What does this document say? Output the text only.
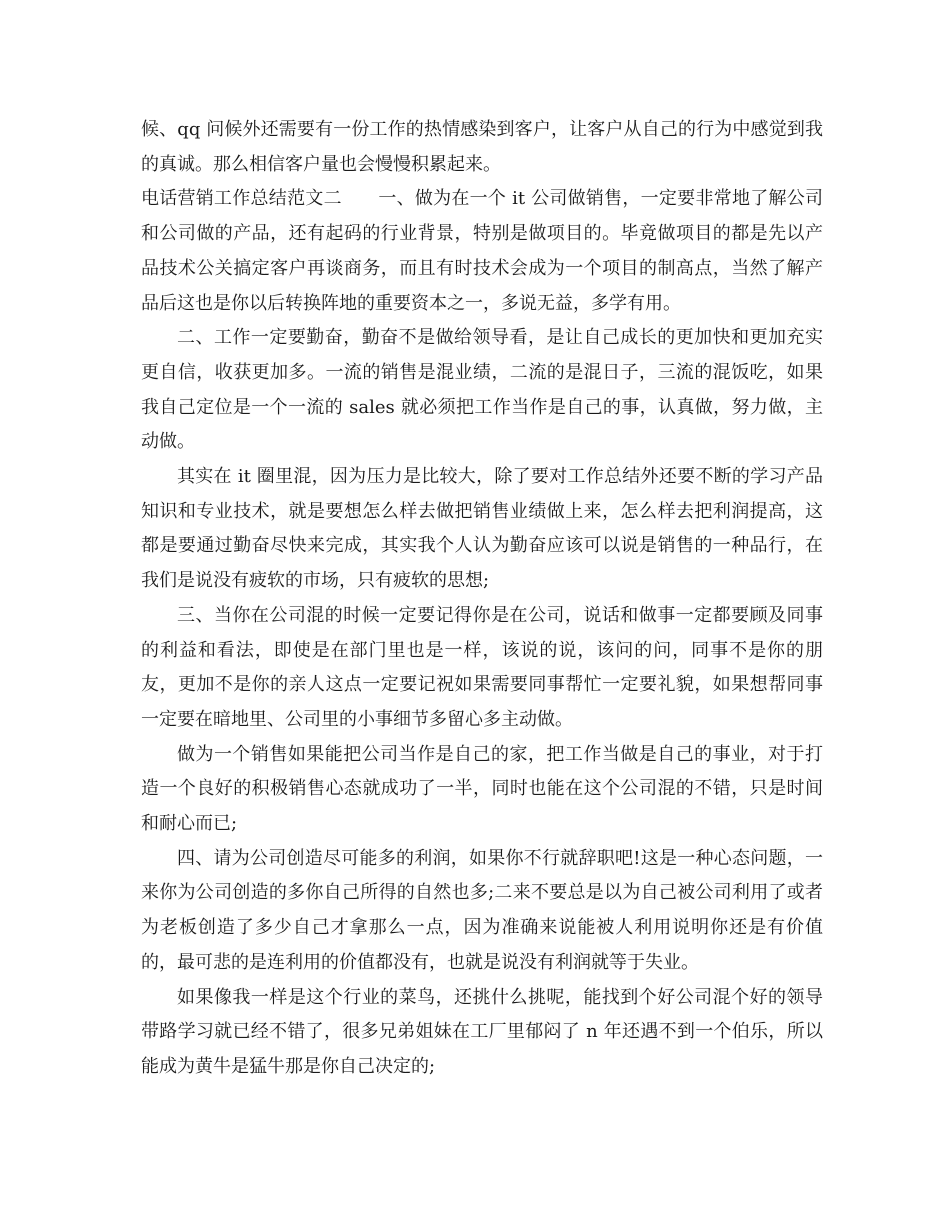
候、qq 问候外还需要有一份工作的热情感染到客户，让客户从自己的行为中感觉到我的真诚。那么相信客户量也会慢慢积累起来。

电话营销工作总结范文二　　一、做为在一个 it 公司做销售，一定要非常地了解公司和公司做的产品，还有起码的行业背景，特别是做项目的。毕竟做项目的都是先以产品技术公关搞定客户再谈商务，而且有时技术会成为一个项目的制高点，当然了解产品后这也是你以后转换阵地的重要资本之一，多说无益，多学有用。

二、工作一定要勤奋，勤奋不是做给领导看，是让自己成长的更加快和更加充实更自信，收获更加多。一流的销售是混业绩，二流的是混日子，三流的混饭吃，如果我自己定位是一个一流的 sales 就必须把工作当作是自己的事，认真做，努力做，主动做。

其实在 it 圈里混，因为压力是比较大，除了要对工作总结外还要不断的学习产品知识和专业技术，就是要想怎么样去做把销售业绩做上来，怎么样去把利润提高，这都是要通过勤奋尽快来完成，其实我个人认为勤奋应该可以说是销售的一种品行，在我们是说没有疲软的市场，只有疲软的思想;

三、当你在公司混的时候一定要记得你是在公司，说话和做事一定都要顾及同事的利益和看法，即使是在部门里也是一样，该说的说，该问的问，同事不是你的朋友，更加不是你的亲人这点一定要记祝如果需要同事帮忙一定要礼貌，如果想帮同事一定要在暗地里、公司里的小事细节多留心多主动做。

做为一个销售如果能把公司当作是自己的家，把工作当做是自己的事业，对于打造一个良好的积极销售心态就成功了一半，同时也能在这个公司混的不错，只是时间和耐心而已;

四、请为公司创造尽可能多的利润，如果你不行就辞职吧!这是一种心态问题，一来你为公司创造的多你自己所得的自然也多;二来不要总是以为自己被公司利用了或者为老板创造了多少自己才拿那么一点，因为准确来说能被人利用说明你还是有价值的，最可悲的是连利用的价值都没有，也就是说没有利润就等于失业。

如果像我一样是这个行业的菜鸟，还挑什么挑呢，能找到个好公司混个好的领导带路学习就已经不错了，很多兄弟姐妹在工厂里郁闷了 n 年还遇不到一个伯乐，所以能成为黄牛是猛牛那是你自己决定的;
